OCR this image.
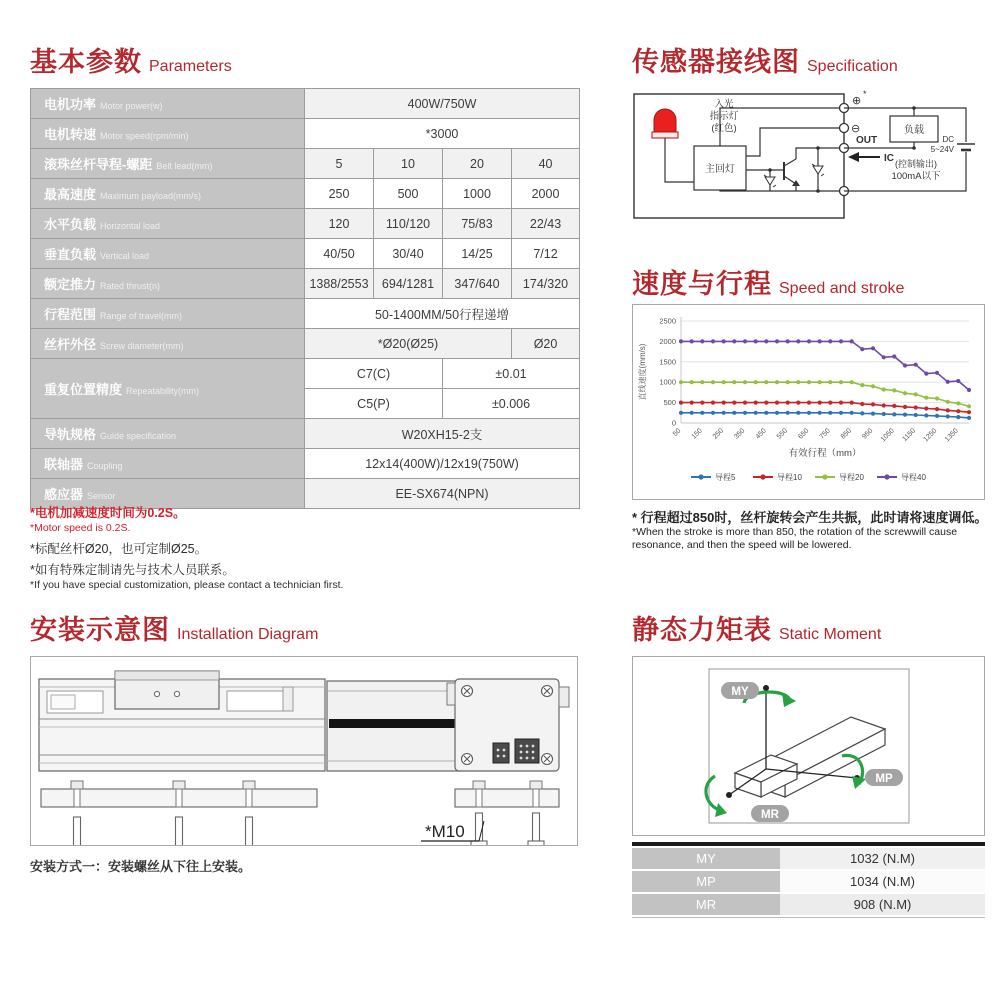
基本参数 Parameters
电机功率 Motor power(w)	400W/750W			
电机转速 Motor speed(rpm/min)	*3000			
滚珠丝杆导程-螺距 Belt lead(mm)	5	10	20	40
最高速度 Maximum payload(mm/s)	250	500	1000	2000
水平负载 Horizontal load	120	110/120	75/83	22/43
垂直负载 Vertical load	40/50	30/40	14/25	7/12
额定推力 Rated thrust(n)	1388/2553	694/1281	347/640	174/320
行程范围 Range of travel(mm)	50-1400MM/50行程递增			
丝杆外径 Screw diameter(mm)	*Ø20(Ø25)			Ø20
重复位置精度 Repeatability(mm)	C7(C)		±0.01	
	C5(P)		±0.006	
导轨规格 Guide specification	W20XH15-2支			
联轴器 Coupling	12x14(400W)/12x19(750W)			
感应器 Sensor	EE-SX674(NPN)			
*电机加减速度时间为0.2S。
*Motor speed is 0.2S.
*标配丝杆Ø20，也可定制Ø25。
*如有特殊定制请先与技术人员联系。
*If you have special customization, please contact a technician first.
传感器接线图 Specification
入光
指示灯
(红色)
主回灯
⊕
*
⊖
OUT
IC
负载
(控制输出)
100mA以下
DC
5~24V
速度与行程 Speed and stroke
0
500
1000
1500
2000
2500
50 150 250 350 450 550 650 750 850 950 1050 1150 1250 1350
有效行程（mm）
直线速度(mm/s)
导程5	导程10	导程20	导程40
* 行程超过850时，丝杆旋转会产生共振，此时请将速度调低。
*When the stroke is more than 850, the rotation of the screwwill cause
resonance, and then the speed will be lowered.
安装示意图 Installation Diagram
*M10
安装方式一：安装螺丝从下往上安装。
静态力矩表 Static Moment
MY
MP
MR
MY	1032 (N.M)
MP	1034 (N.M)
MR	908 (N.M)
